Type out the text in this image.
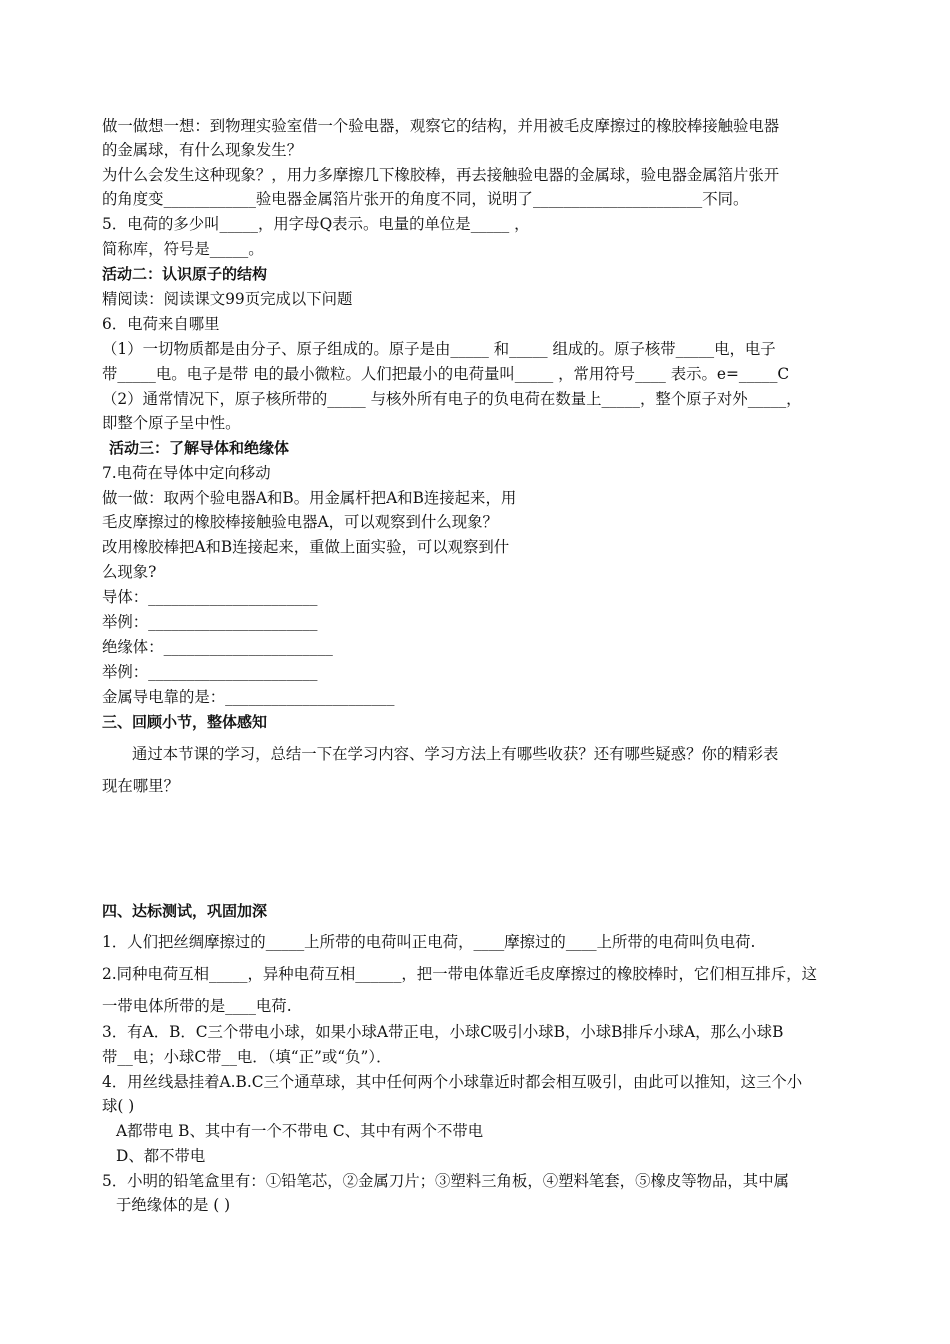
做一做想一想：到物理实验室借一个验电器，观察它的结构，并用被毛皮摩擦过的橡胶棒接触验电器
的金属球，有什么现象发生？
为什么会发生这种现象？，用力多摩擦几下橡胶棒，再去接触验电器的金属球，验电器金属箔片张开
的角度变____________验电器金属箔片张开的角度不同，说明了______________________不同。
5．电荷的多少叫_____，用字母Q表示。电量的单位是_____ ，
简称库，符号是_____。
活动二：认识原子的结构
精阅读：阅读课文99页完成以下问题
6．电荷来自哪里
（1）一切物质都是由分子、原子组成的。原子是由_____ 和_____ 组成的。原子核带_____电，电子
带_____电。电子是带 电的最小微粒。人们把最小的电荷量叫_____ ，常用符号____ 表示。e=_____C
（2）通常情况下，原子核所带的_____ 与核外所有电子的负电荷在数量上_____，整个原子对外_____，
即整个原子呈中性。
活动三：了解导体和绝缘体
7.电荷在导体中定向移动
做一做：取两个验电器A和B。用金属杆把A和B连接起来，用
毛皮摩擦过的橡胶棒接触验电器A，可以观察到什么现象？
改用橡胶棒把A和B连接起来，重做上面实验，可以观察到什
么现象?
导体：______________________
举例：______________________
绝缘体：______________________
举例：______________________
金属导电靠的是：______________________
三、回顾小节，整体感知
通过本节课的学习，总结一下在学习内容、学习方法上有哪些收获？还有哪些疑惑？你的精彩表
现在哪里？
四、达标测试，巩固加深
1．人们把丝绸摩擦过的_____上所带的电荷叫正电荷，____摩擦过的____上所带的电荷叫负电荷.
2.同种电荷互相_____，异种电荷互相______，把一带电体靠近毛皮摩擦过的橡胶棒时，它们相互排斥，这
一带电体所带的是____电荷.
3．有A．B．C三个带电小球，如果小球A带正电，小球C吸引小球B，小球B排斥小球A，那么小球B
带__电；小球C带__电．（填“正”或“负”）．
4．用丝线悬挂着A.B.C三个通草球，其中任何两个小球靠近时都会相互吸引，由此可以推知，这三个小
球( )
A都带电 B、其中有一个不带电 C、其中有两个不带电
D、都不带电
5．小明的铅笔盒里有：①铅笔芯，②金属刀片；③塑料三角板，④塑料笔套，⑤橡皮等物品，其中属
于绝缘体的是 ( )
